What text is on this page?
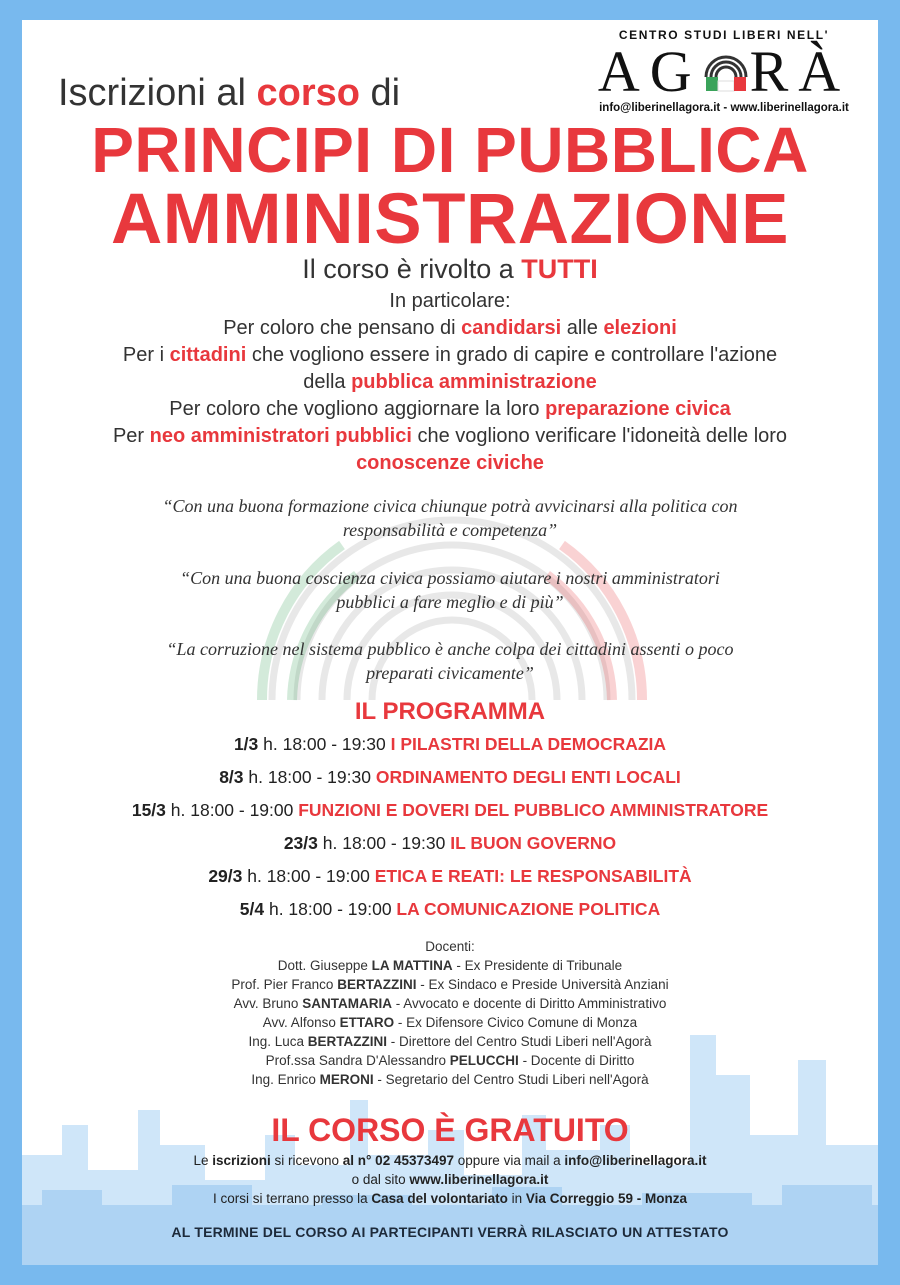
CENTRO STUDI LIBERI NELL'
AG RÀ
info@liberinellagora.it - www.liberinellagora.it
Iscrizioni al corso di
PRINCIPI DI PUBBLICA
AMMINISTRAZIONE
Il corso è rivolto a TUTTI
In particolare:
Per coloro che pensano di candidarsi alle elezioni
Per i cittadini che vogliono essere in grado di capire e controllare l'azione
della pubblica amministrazione
Per coloro che vogliono aggiornare la loro preparazione civica
Per neo amministratori pubblici che vogliono verificare l'idoneità delle loro
conoscenze civiche
“Con una buona formazione civica chiunque potrà avvicinarsi alla politica con
responsabilità e competenza”
“Con una buona coscienza civica possiamo aiutare i nostri amministratori
pubblici a fare meglio e di più”
“La corruzione nel sistema pubblico è anche colpa dei cittadini assenti o poco
preparati civicamente”
IL PROGRAMMA
1/3 h. 18:00 - 19:30 I PILASTRI DELLA DEMOCRAZIA
8/3 h. 18:00 - 19:30 ORDINAMENTO DEGLI ENTI LOCALI
15/3 h. 18:00 - 19:00 FUNZIONI E DOVERI DEL PUBBLICO AMMINISTRATORE
23/3 h. 18:00 - 19:30 IL BUON GOVERNO
29/3 h. 18:00 - 19:00 ETICA E REATI: LE RESPONSABILITÀ
5/4 h. 18:00 - 19:00 LA COMUNICAZIONE POLITICA
Docenti:
Dott. Giuseppe LA MATTINA - Ex Presidente di Tribunale
Prof. Pier Franco BERTAZZINI - Ex Sindaco e Preside Università Anziani
Avv. Bruno SANTAMARIA - Avvocato e docente di Diritto Amministrativo
Avv. Alfonso ETTARO - Ex Difensore Civico Comune di Monza
Ing. Luca BERTAZZINI - Direttore del Centro Studi Liberi nell'Agorà
Prof.ssa Sandra D'Alessandro PELUCCHI - Docente di Diritto
Ing. Enrico MERONI - Segretario del Centro Studi Liberi nell'Agorà
IL CORSO È GRATUITO
Le iscrizioni si ricevono al n° 02 45373497 oppure via mail a info@liberinellagora.it
o dal sito www.liberinellagora.it
I corsi si terrano presso la Casa del volontariato in Via Correggio 59 - Monza
AL TERMINE DEL CORSO AI PARTECIPANTI VERRÀ RILASCIATO UN ATTESTATO
